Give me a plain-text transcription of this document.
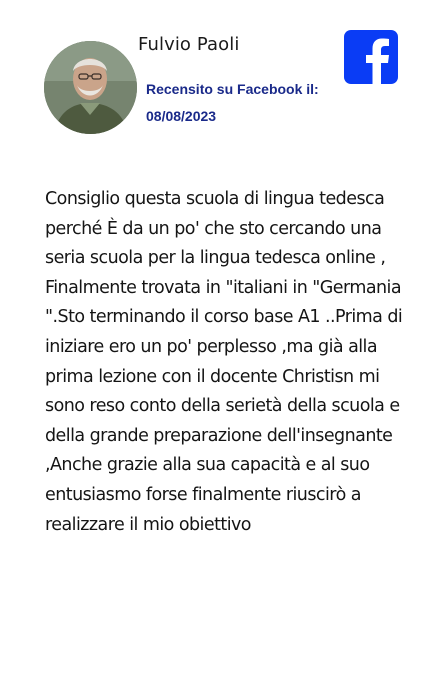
Fulvio Paoli
Recensito su Facebook il:
08/08/2023
Consiglio questa scuola di lingua tedesca perché È da un po' che sto cercando una seria scuola per la lingua tedesca online , Finalmente trovata in "italiani in "Germania ".Sto terminando il corso base A1 ..Prima di iniziare ero un po' perplesso ,ma già alla prima lezione con il docente Christisn mi sono reso conto della serietà della scuola e della grande preparazione dell'insegnante ,Anche grazie alla sua capacità e al suo entusiasmo forse finalmente riuscirò a realizzare il mio obiettivo
